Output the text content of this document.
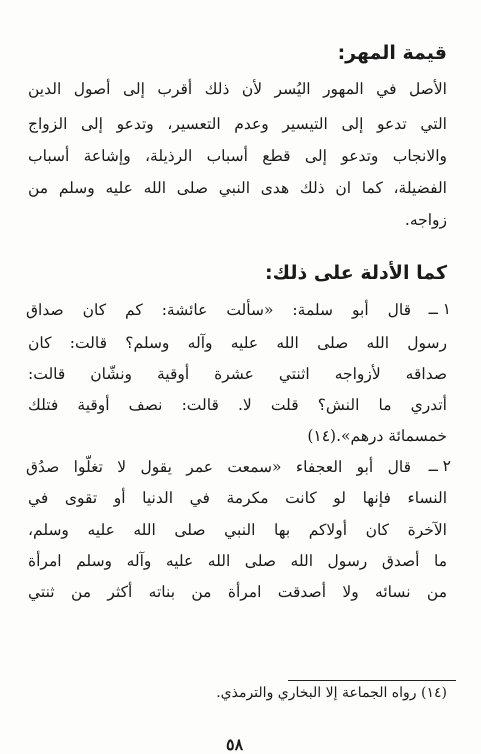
قيمة المهر:
الأصل في المهور اليُسر لأن ذلك أقرب إلى أصول الدين
التي تدعو إلى التيسير وعدم التعسير، وتدعو إلى الزواج
والانجاب وتدعو إلى قطع أسباب الرذيلة، وإشاعة أسباب
الفضيلة، كما ان ذلك هدى النبي صلى الله عليه وسلم من
زواجه.
كما الأدلة على ذلك:
١ ــ
قال أبو سلمة: «سألت عائشة: كم كان صداق
رسول الله صلى الله عليه وآله وسلم؟ قالت: كان
صداقه لأزواجه اثنتي عشرة أوقية ونشّان قالت:
أتدري ما النش؟ قلت لا. قالت: نصف أوقية فتلك
خمسمائة درهم».(١٤)
٢ ــ
قال أبو العجفاء «سمعت عمر يقول لا تغلّوا صدُق
النساء فإنها لو كانت مكرمة في الدنيا أو تقوى في
الآخرة كان أولاكم بها النبي صلى الله عليه وسلم،
ما أصدق رسول الله صلى الله عليه وآله وسلم امرأة
من نسائه ولا أصدقت امرأة من بناته أكثر من ثنتي
(١٤) رواه الجماعة إلا البخاري والترمذي.
٥٨
